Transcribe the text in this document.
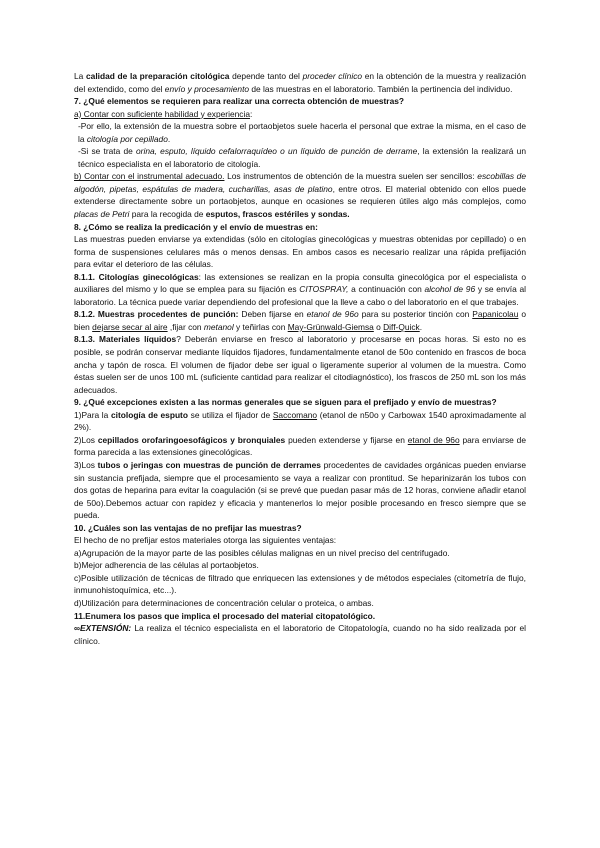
La calidad de la preparación citológica depende tanto del proceder clínico en la obtención de la muestra y realización del extendido, como del envío y procesamiento de las muestras en el laboratorio. También la pertinencia del individuo.

7. ¿Qué elementos se requieren para realizar una correcta obtención de muestras?

a) Contar con suficiente habilidad y experiencia:

-Por ello, la extensión de la muestra sobre el portaobjetos suele hacerla el personal que extrae la misma, en el caso de la citología por cepillado.

-Si se trata de orina, esputo, líquido cefalorraquídeo o un líquido de punción de derrame, la extensión la realizará un técnico especialista en el laboratorio de citología.

b) Contar con el instrumental adecuado. Los instrumentos de obtención de la muestra suelen ser sencillos: escobillas de algodón, pipetas, espátulas de madera, cucharillas, asas de platino, entre otros. El material obtenido con ellos puede extenderse directamente sobre un portaobjetos, aunque en ocasiones se requieren útiles algo más complejos, como placas de Petri para la recogida de esputos, frascos estériles y sondas.

8. ¿Cómo se realiza la predicación y el envío de muestras en:

Las muestras pueden enviarse ya extendidas (sólo en citologías ginecológicas y muestras obtenidas por cepillado) o en forma de suspensiones celulares más o menos densas. En ambos casos es necesario realizar una rápida prefijación para evitar el deterioro de las células.

8.1.1. Citologías ginecológicas: las extensiones se realizan en la propia consulta ginecológica por el especialista o auxiliares del mismo y lo que se emplea para su fijación es CITOSPRAY, a continuación con alcohol de 96 y se envía al laboratorio. La técnica puede variar dependiendo del profesional que la lleve a cabo o del laboratorio en el que trabajes.

8.1.2. Muestras procedentes de punción: Deben fijarse en etanol de 96o para su posterior tinción con Papanicolau o bien dejarse secar al aire ,fijar con metanol y teñirlas con May-Grünwald-Giemsa o Diff-Quick.

8.1.3. Materiales líquidos? Deberán enviarse en fresco al laboratorio y procesarse en pocas horas. Si esto no es posible, se podrán conservar mediante líquidos fijadores, fundamentalmente etanol de 50o contenido en frascos de boca ancha y tapón de rosca. El volumen de fijador debe ser igual o ligeramente superior al volumen de la muestra. Como éstas suelen ser de unos 100 mL (suficiente cantidad para realizar el citodiagnóstico), los frascos de 250 mL son los más adecuados.

9. ¿Qué excepciones existen a las normas generales que se siguen para el prefijado y envío de muestras?

1)Para la citología de esputo se utiliza el fijador de Saccomano (etanol de n50o y Carbowax 1540 aproximadamente al 2%).

2)Los cepillados orofaringoesofágicos y bronquiales pueden extenderse y fijarse en etanol de 96o para enviarse de forma parecida a las extensiones ginecológicas.

3)Los tubos o jeringas con muestras de punción de derrames procedentes de cavidades orgánicas pueden enviarse sin sustancia prefijada, siempre que el procesamiento se vaya a realizar con prontitud. Se heparinizarán los tubos con dos gotas de heparina para evitar la coagulación (si se prevé que puedan pasar más de 12 horas, conviene añadir etanol de 50o).Debemos actuar con rapidez y eficacia y mantenerlos lo mejor posible procesando en fresco siempre que se pueda.

10. ¿Cuáles son las ventajas de no prefijar las muestras?

El hecho de no prefijar estos materiales otorga las siguientes ventajas:

a)Agrupación de la mayor parte de las posibles células malignas en un nivel preciso del centrifugado.

b)Mejor adherencia de las células al portaobjetos.

c)Posible utilización de técnicas de filtrado que enriquecen las extensiones y de métodos especiales (citometría de flujo, inmunohistoquímica, etc...).

d)Utilización para determinaciones de concentración celular o proteica, o ambas.

11.Enumera los pasos que implica el procesado del material citopatológico.

∞EXTENSIÓN: La realiza el técnico especialista en el laboratorio de Citopatología, cuando no ha sido realizada por el clínico.
